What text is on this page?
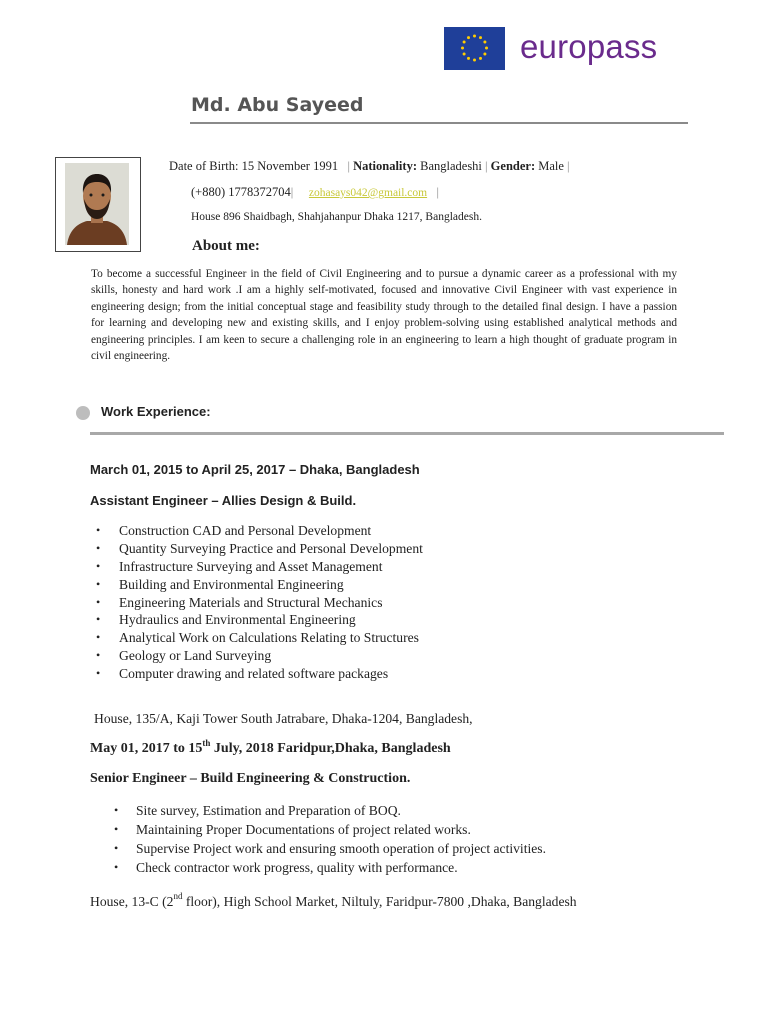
europass
Md. Abu Sayeed
Date of Birth: 15 November 1991   | Nationality: Bangladeshi | Gender: Male |
(+880) 1778372704| zohasays042@gmail.com |
House 896 Shaidbagh, Shahjahanpur Dhaka 1217, Bangladesh.
About me:
To become a successful Engineer in the field of Civil Engineering and to pursue a dynamic career as a professional with my skills, honesty and hard work .I am a highly self-motivated, focused and innovative Civil Engineer with vast experience in engineering design; from the initial conceptual stage and feasibility study through to the detailed final design. I have a passion for learning and developing new and existing skills, and I enjoy problem-solving using established analytical methods and engineering principles. I am keen to secure a challenging role in an engineering to learn a high thought of graduate program in civil engineering.
Work Experience:
March 01, 2015 to April 25, 2017 – Dhaka, Bangladesh
Assistant Engineer – Allies Design & Build.
• Construction CAD and Personal Development
• Quantity Surveying Practice and Personal Development
• Infrastructure Surveying and Asset Management
• Building and Environmental Engineering
• Engineering Materials and Structural Mechanics
• Hydraulics and Environmental Engineering
• Analytical Work on Calculations Relating to Structures
• Geology or Land Surveying
• Computer drawing and related software packages
House, 135/A, Kaji Tower South Jatrabare, Dhaka-1204, Bangladesh,
May 01, 2017 to 15th July, 2018 Faridpur,Dhaka, Bangladesh
Senior Engineer – Build Engineering & Construction.
• Site survey, Estimation and Preparation of BOQ.
• Maintaining Proper Documentations of project related works.
• Supervise Project work and ensuring smooth operation of project activities.
• Check contractor work progress, quality with performance.
House, 13-C (2nd floor), High School Market, Niltuly, Faridpur-7800 ,Dhaka, Bangladesh
